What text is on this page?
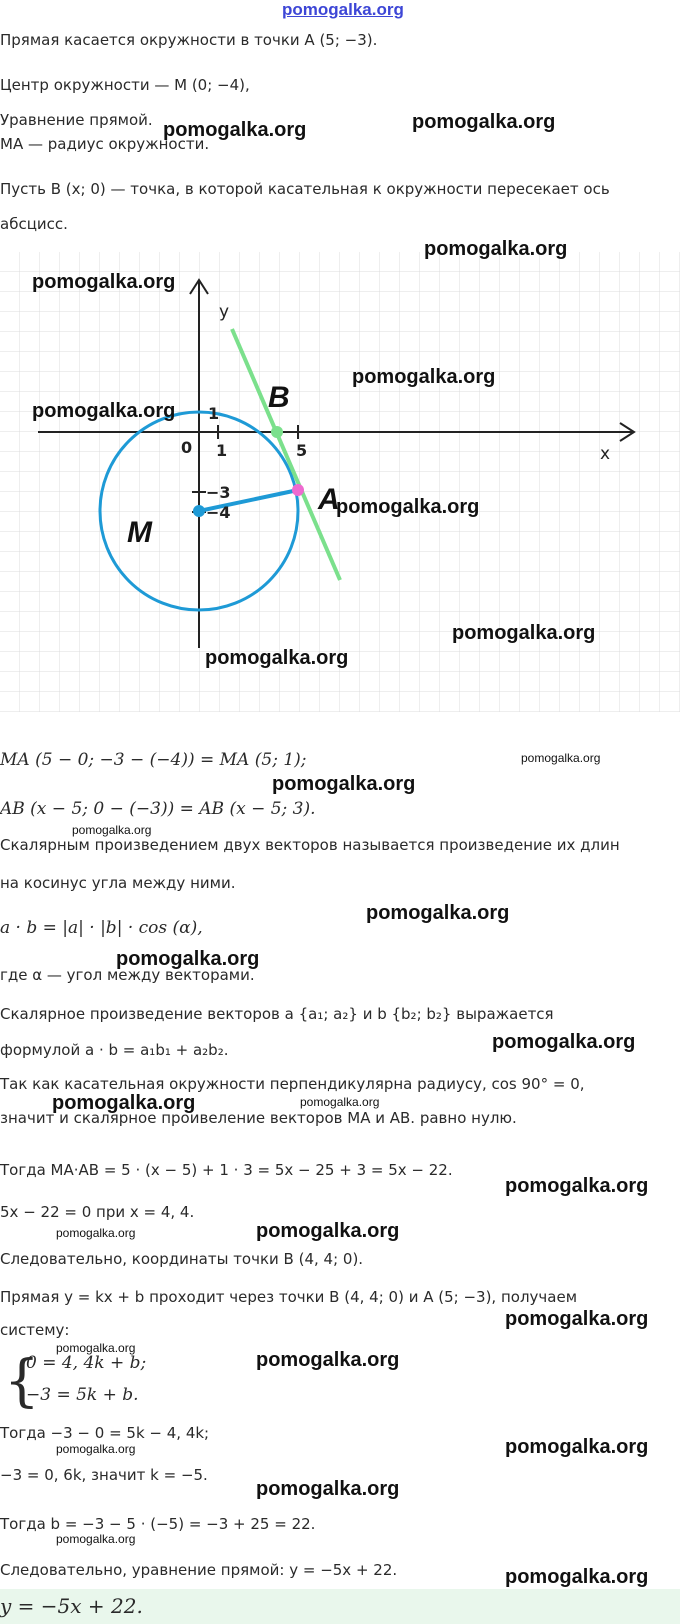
pomogalka.org
Прямая касается окружности в точки A (5; −3).
Центр окружности — M (0; −4),
Уравнение прямой.
MA — радиус окружности.
Пусть B (x; 0) — точка, в которой касательная к окружности пересекает ось
абсцисс.
x
y
0 1	5
1
−3
−4
B
A
M
MA (5 − 0; −3 − (−4)) = MA (5; 1);
AB (x − 5; 0 − (−3)) = AB (x − 5; 3).
Скалярным произведением двух векторов называется произведение их длин
на косинус угла между ними.
a · b = |a| · |b| · cos (α),
где α — угол между векторами.
Скалярное произведение векторов a {a₁; a₂} и b {b₂; b₂} выражается
формулой a · b = a₁b₁ + a₂b₂.
Так как касательная окружности перпендикулярна радиусу, cos 90° = 0,
значит и скалярное проивеление векторов MA и AB. равно нулю.
Тогда MA·AB = 5 · (x − 5) + 1 · 3 = 5x − 25 + 3 = 5x − 22.
5x − 22 = 0 при x = 4, 4.
Следовательно, координаты точки B (4, 4; 0).
Прямая y = kx + b проходит через точки B (4, 4; 0) и A (5; −3), получаем
систему:
{
0 = 4, 4k + b;
−3 = 5k + b.
Тогда −3 − 0 = 5k − 4, 4k;
−3 = 0, 6k, значит k = −5.
Тогда b = −3 − 5 · (−5) = −3 + 25 = 22.
Следовательно, уравнение прямой: y = −5x + 22.
y = −5x + 22.
pomogalka.org	pomogalka.org
pomogalka.org
pomogalka.org
pomogalka.org
pomogalka.org
pomogalka.org
pomogalka.org
pomogalka.org
pomogalka.org
pomogalka.org
pomogalka.org
pomogalka.org
pomogalka.org
pomogalka.org
pomogalka.org	pomogalka.org
pomogalka.org
pomogalka.org
pomogalka.org
pomogalka.org
pomogalka.org
pomogalka.org
pomogalka.org
pomogalka.org
pomogalka.org
pomogalka.org
pomogalka.org
